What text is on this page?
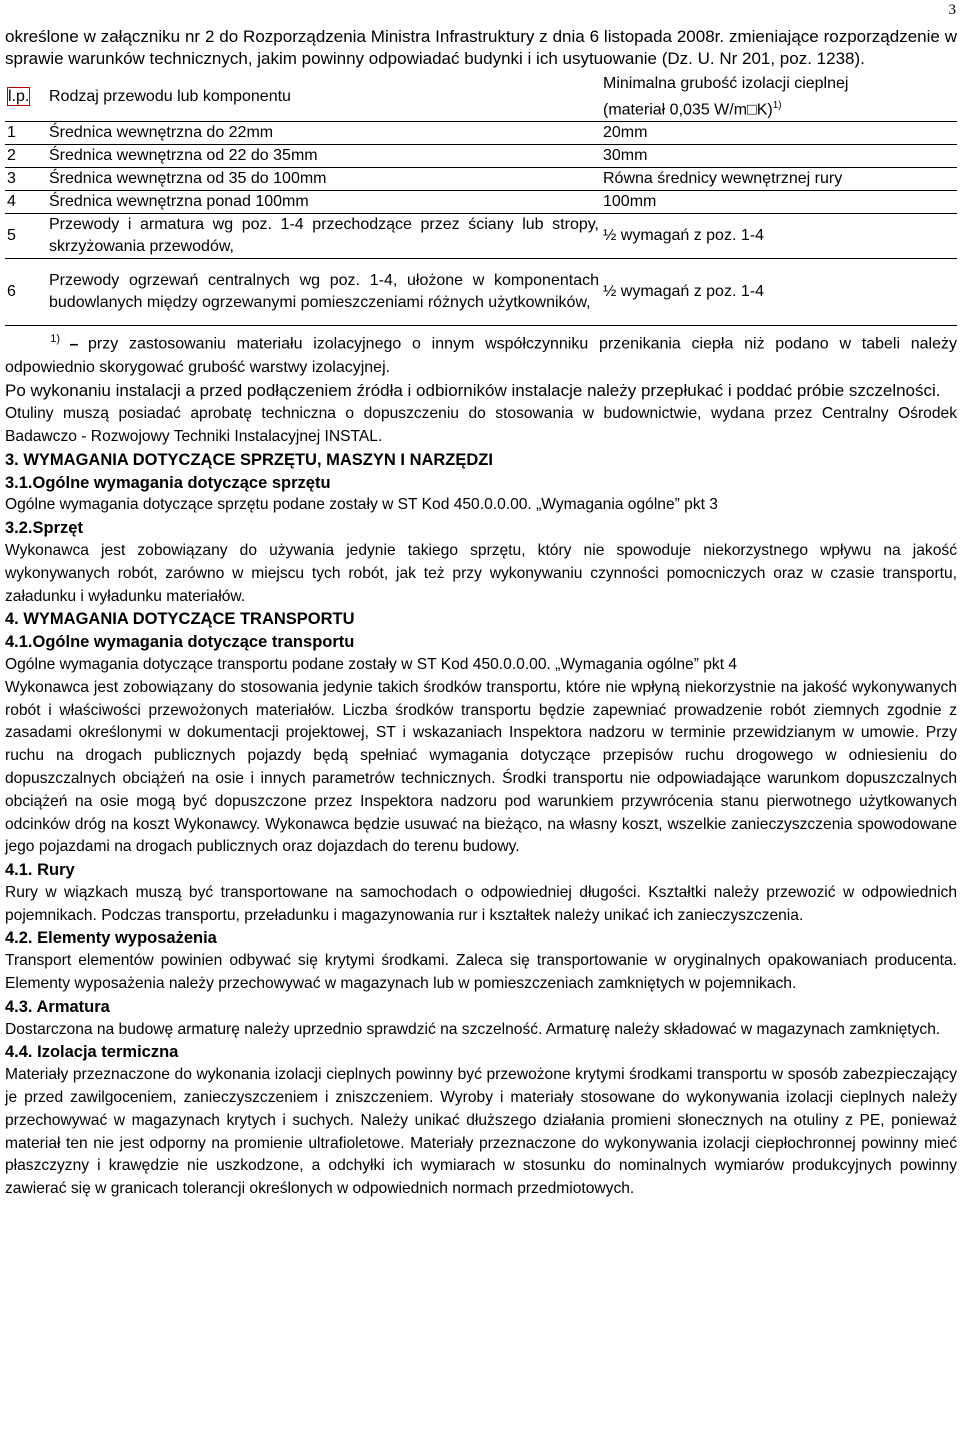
3

określone w załączniku nr 2 do Rozporządzenia Ministra Infrastruktury z dnia 6 listopada 2008r. zmieniające rozporządzenie w sprawie warunków technicznych, jakim powinny odpowiadać budynki i ich usytuowanie (Dz. U. Nr 201, poz. 1238).

l.p.	Rodzaj przewodu lub komponentu	Minimalna grubość izolacji cieplnej
(materiał 0,035 W/m□K)$^{1)}$
1	Średnica wewnętrzna do 22mm	20mm
2	Średnica wewnętrzna od 22 do 35mm	30mm
3	Średnica wewnętrzna od 35 do 100mm	Równa średnicy wewnętrznej rury
4	Średnica wewnętrzna ponad 100mm	100mm
5	Przewody i armatura wg poz. 1-4 przechodzące przez ściany lub stropy, skrzyżowania przewodów,	½ wymagań z poz. 1-4
6	Przewody ogrzewań centralnych wg poz. 1-4, ułożone w komponentach budowlanych między ogrzewanymi pomieszczeniami różnych użytkowników,	½ wymagań z poz. 1-4

1) – przy zastosowaniu materiału izolacyjnego o innym współczynniku przenikania ciepła niż podano w tabeli należy odpowiednio skorygować grubość warstwy izolacyjnej.

Po wykonaniu instalacji a przed podłączeniem źródła i odbiorników instalacje należy przepłukać i poddać próbie szczelności.

Otuliny muszą posiadać aprobatę techniczna o dopuszczeniu do stosowania w budownictwie, wydana przez Centralny Ośrodek Badawczo - Rozwojowy Techniki Instalacyjnej INSTAL.

3. WYMAGANIA DOTYCZĄCE SPRZĘTU, MASZYN I NARZĘDZI

3.1.Ogólne wymagania dotyczące sprzętu

Ogólne wymagania dotyczące sprzętu podane zostały w ST Kod 450.0.0.00. „Wymagania ogólne” pkt 3

3.2.Sprzęt

Wykonawca jest zobowiązany do używania jedynie takiego sprzętu, który nie spowoduje niekorzystnego wpływu na jakość wykonywanych robót, zarówno w miejscu tych robót, jak też przy wykonywaniu czynności pomocniczych oraz w czasie transportu, załadunku i wyładunku materiałów.

4. WYMAGANIA DOTYCZĄCE TRANSPORTU

4.1.Ogólne wymagania dotyczące transportu

Ogólne wymagania dotyczące transportu podane zostały w ST Kod 450.0.0.00. „Wymagania ogólne” pkt 4

Wykonawca jest zobowiązany do stosowania jedynie takich środków transportu, które nie wpłyną niekorzystnie na jakość wykonywanych robót i właściwości przewożonych materiałów. Liczba środków transportu będzie zapewniać prowadzenie robót ziemnych zgodnie z zasadami określonymi w dokumentacji projektowej, ST i wskazaniach Inspektora nadzoru w terminie przewidzianym w umowie. Przy ruchu na drogach publicznych pojazdy będą spełniać wymagania dotyczące przepisów ruchu drogowego w odniesieniu do dopuszczalnych obciążeń na osie i innych parametrów technicznych. Środki transportu nie odpowiadające warunkom dopuszczalnych obciążeń na osie mogą być dopuszczone przez Inspektora nadzoru pod warunkiem przywrócenia stanu pierwotnego użytkowanych odcinków dróg na koszt Wykonawcy. Wykonawca będzie usuwać na bieżąco, na własny koszt, wszelkie zanieczyszczenia spowodowane jego pojazdami na drogach publicznych oraz dojazdach do terenu budowy.

4.1. Rury

Rury w wiązkach muszą być transportowane na samochodach o odpowiedniej długości. Kształtki należy przewozić w odpowiednich pojemnikach. Podczas transportu, przeładunku i magazynowania rur i kształtek należy unikać ich zanieczyszczenia.

4.2. Elementy wyposażenia

Transport elementów powinien odbywać się krytymi środkami. Zaleca się transportowanie w oryginalnych opakowaniach producenta. Elementy wyposażenia należy przechowywać w magazynach lub w pomieszczeniach zamkniętych w pojemnikach.

4.3. Armatura

Dostarczona na budowę armaturę należy uprzednio sprawdzić na szczelność. Armaturę należy składować w magazynach zamkniętych.

4.4. Izolacja termiczna

Materiały przeznaczone do wykonania izolacji cieplnych powinny być przewożone krytymi środkami transportu w sposób zabezpieczający je przed zawilgoceniem, zanieczyszczeniem i zniszczeniem. Wyroby i materiały stosowane do wykonywania izolacji cieplnych należy przechowywać w magazynach krytych i suchych. Należy unikać dłuższego działania promieni słonecznych na otuliny z PE, ponieważ materiał ten nie jest odporny na promienie ultrafioletowe. Materiały przeznaczone do wykonywania izolacji ciepłochronnej powinny mieć płaszczyzny i krawędzie nie uszkodzone, a odchyłki ich wymiarach w stosunku do nominalnych wymiarów produkcyjnych powinny zawierać się w granicach tolerancji określonych w odpowiednich normach przedmiotowych.
